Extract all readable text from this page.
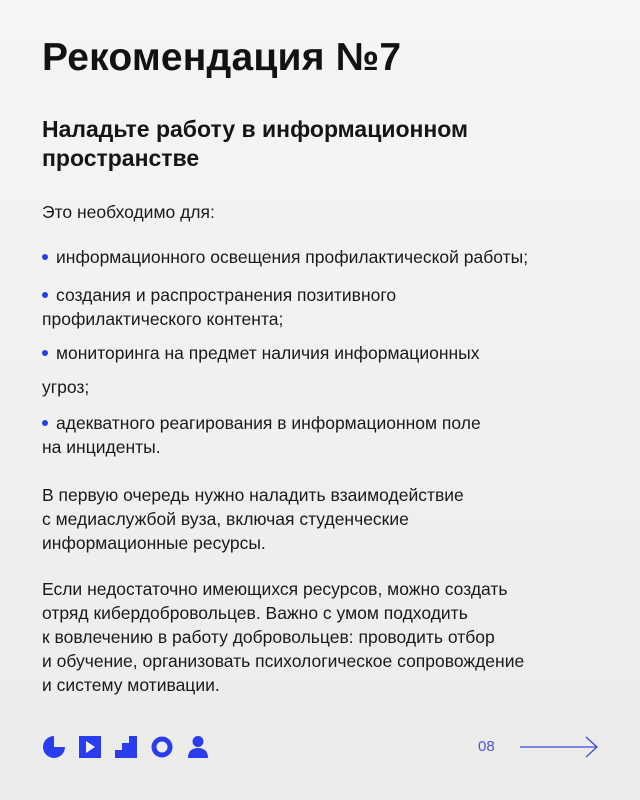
Рекомендация №7
Наладьте работу в информационном пространстве

Это необходимо для:

информационного освещения профилактической работы;
создания и распространения позитивного
профилактического контента;
мониторинга на предмет наличия информационных
угроз;
адекватного реагирования в информационном поле
на инциденты.
В первую очередь нужно наладить взаимодействие
с медиаслужбой вуза, включая студенческие
информационные ресурсы.
Если недостаточно имеющихся ресурсов, можно создать
отряд кибердобровольцев. Важно с умом подходить
к вовлечению в работу добровольцев: проводить отбор
и обучение, организовать психологическое сопровождение
и систему мотивации.
08
